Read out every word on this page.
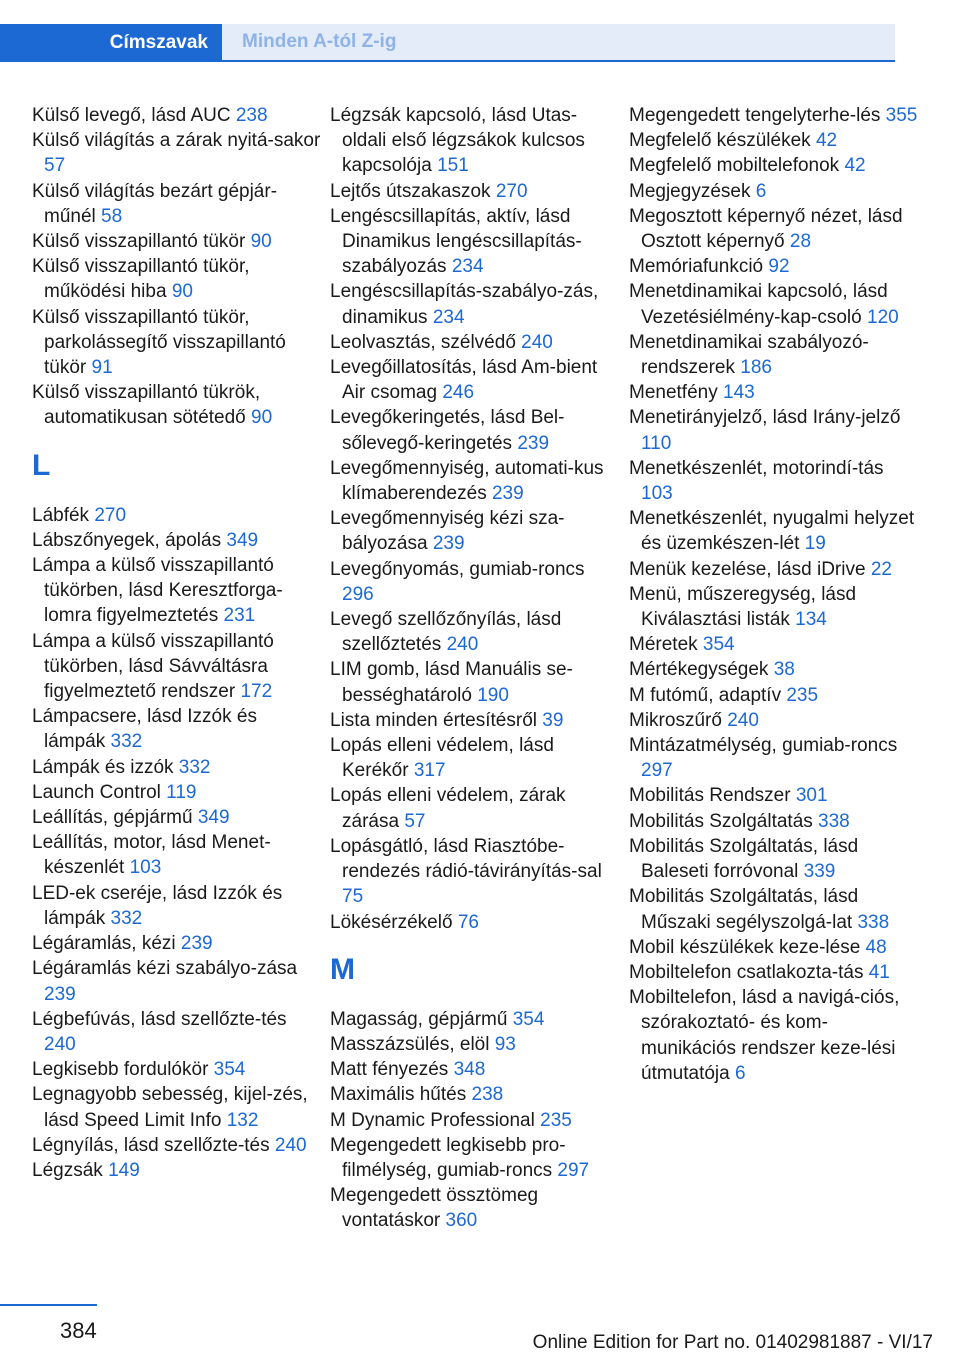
Címszavak	Minden A-tól Z-ig
Külső levegő, lásd AUC 238
Külső világítás a zárak nyitá-sakor 57
Külső világítás bezárt gépjár-műnél 58
Külső visszapillantó tükör 90
Külső visszapillantó tükör, működési hiba 90
Külső visszapillantó tükör, parkolássegítő visszapillantó tükör 91
Külső visszapillantó tükrök, automatikusan sötétedő 90
L
Lábfék 270
Lábszőnyegek, ápolás 349
Lámpa a külső visszapillantó tükörben, lásd Keresztforga-lomra figyelmeztetés 231
Lámpa a külső visszapillantó tükörben, lásd Sávváltásra figyelmeztető rendszer 172
Lámpacsere, lásd Izzók és lámpák 332
Lámpák és izzók 332
Launch Control 119
Leállítás, gépjármű 349
Leállítás, motor, lásd Menet-készenlét 103
LED-ek cseréje, lásd Izzók és lámpák 332
Légáramlás, kézi 239
Légáramlás kézi szabályo-zása 239
Légbefúvás, lásd szellőzte-tés 240
Legkisebb fordulókör 354
Legnagyobb sebesség, kijel-zés, lásd Speed Limit Info 132
Légnyílás, lásd szellőzte-tés 240
Légzsák 149
Légzsák kapcsoló, lásd Utas-oldali első légzsákok kulcsos kapcsolója 151
Lejtős útszakaszok 270
Lengéscsillapítás, aktív, lásd Dinamikus lengéscsillapítás-szabályozás 234
Lengéscsillapítás-szabályo-zás, dinamikus 234
Leolvasztás, szélvédő 240
Levegőillatosítás, lásd Am-bient Air csomag 246
Levegőkeringetés, lásd Bel-sőlevegő-keringetés 239
Levegőmennyiség, automati-kus klímaberendezés 239
Levegőmennyiség kézi sza-bályozása 239
Levegőnyomás, gumiab-roncs 296
Levegő szellőzőnyílás, lásd szellőztetés 240
LIM gomb, lásd Manuális se-bességhatároló 190
Lista minden értesítésről 39
Lopás elleni védelem, lásd Kerékőr 317
Lopás elleni védelem, zárak zárása 57
Lopásgátló, lásd Riasztóbe-rendezés rádió-távirányítás-sal 75
Lökésérzékelő 76
M
Magasság, gépjármű 354
Masszázsülés, elöl 93
Matt fényezés 348
Maximális hűtés 238
M Dynamic Professional 235
Megengedett legkisebb pro-filmélység, gumiab-roncs 297
Megengedett össztömeg vontatáskor 360
Megengedett tengelyterhe-lés 355
Megfelelő készülékek 42
Megfelelő mobiltelefonok 42
Megjegyzések 6
Megosztott képernyő nézet, lásd Osztott képernyő 28
Memóriafunkció 92
Menetdinamikai kapcsoló, lásd Vezetésiélmény-kap-csoló 120
Menetdinamikai szabályozó-rendszerek 186
Menetfény 143
Menetirányjelző, lásd Irány-jelző 110
Menetkészenlét, motorindí-tás 103
Menetkészenlét, nyugalmi helyzet és üzemkészen-lét 19
Menük kezelése, lásd iDrive 22
Menü, műszeregység, lásd Kiválasztási listák 134
Méretek 354
Mértékegységek 38
M futómű, adaptív 235
Mikroszűrő 240
Mintázatmélység, gumiab-roncs 297
Mobilitás Rendszer 301
Mobilitás Szolgáltatás 338
Mobilitás Szolgáltatás, lásd Baleseti forróvonal 339
Mobilitás Szolgáltatás, lásd Műszaki segélyszolgá-lat 338
Mobil készülékek keze-lése 48
Mobiltelefon csatlakozta-tás 41
Mobiltelefon, lásd a navigá-ciós, szórakoztató- és kom-munikációs rendszer keze-lési útmutatója 6
384	Online Edition for Part no. 01402981887 - VI/17
